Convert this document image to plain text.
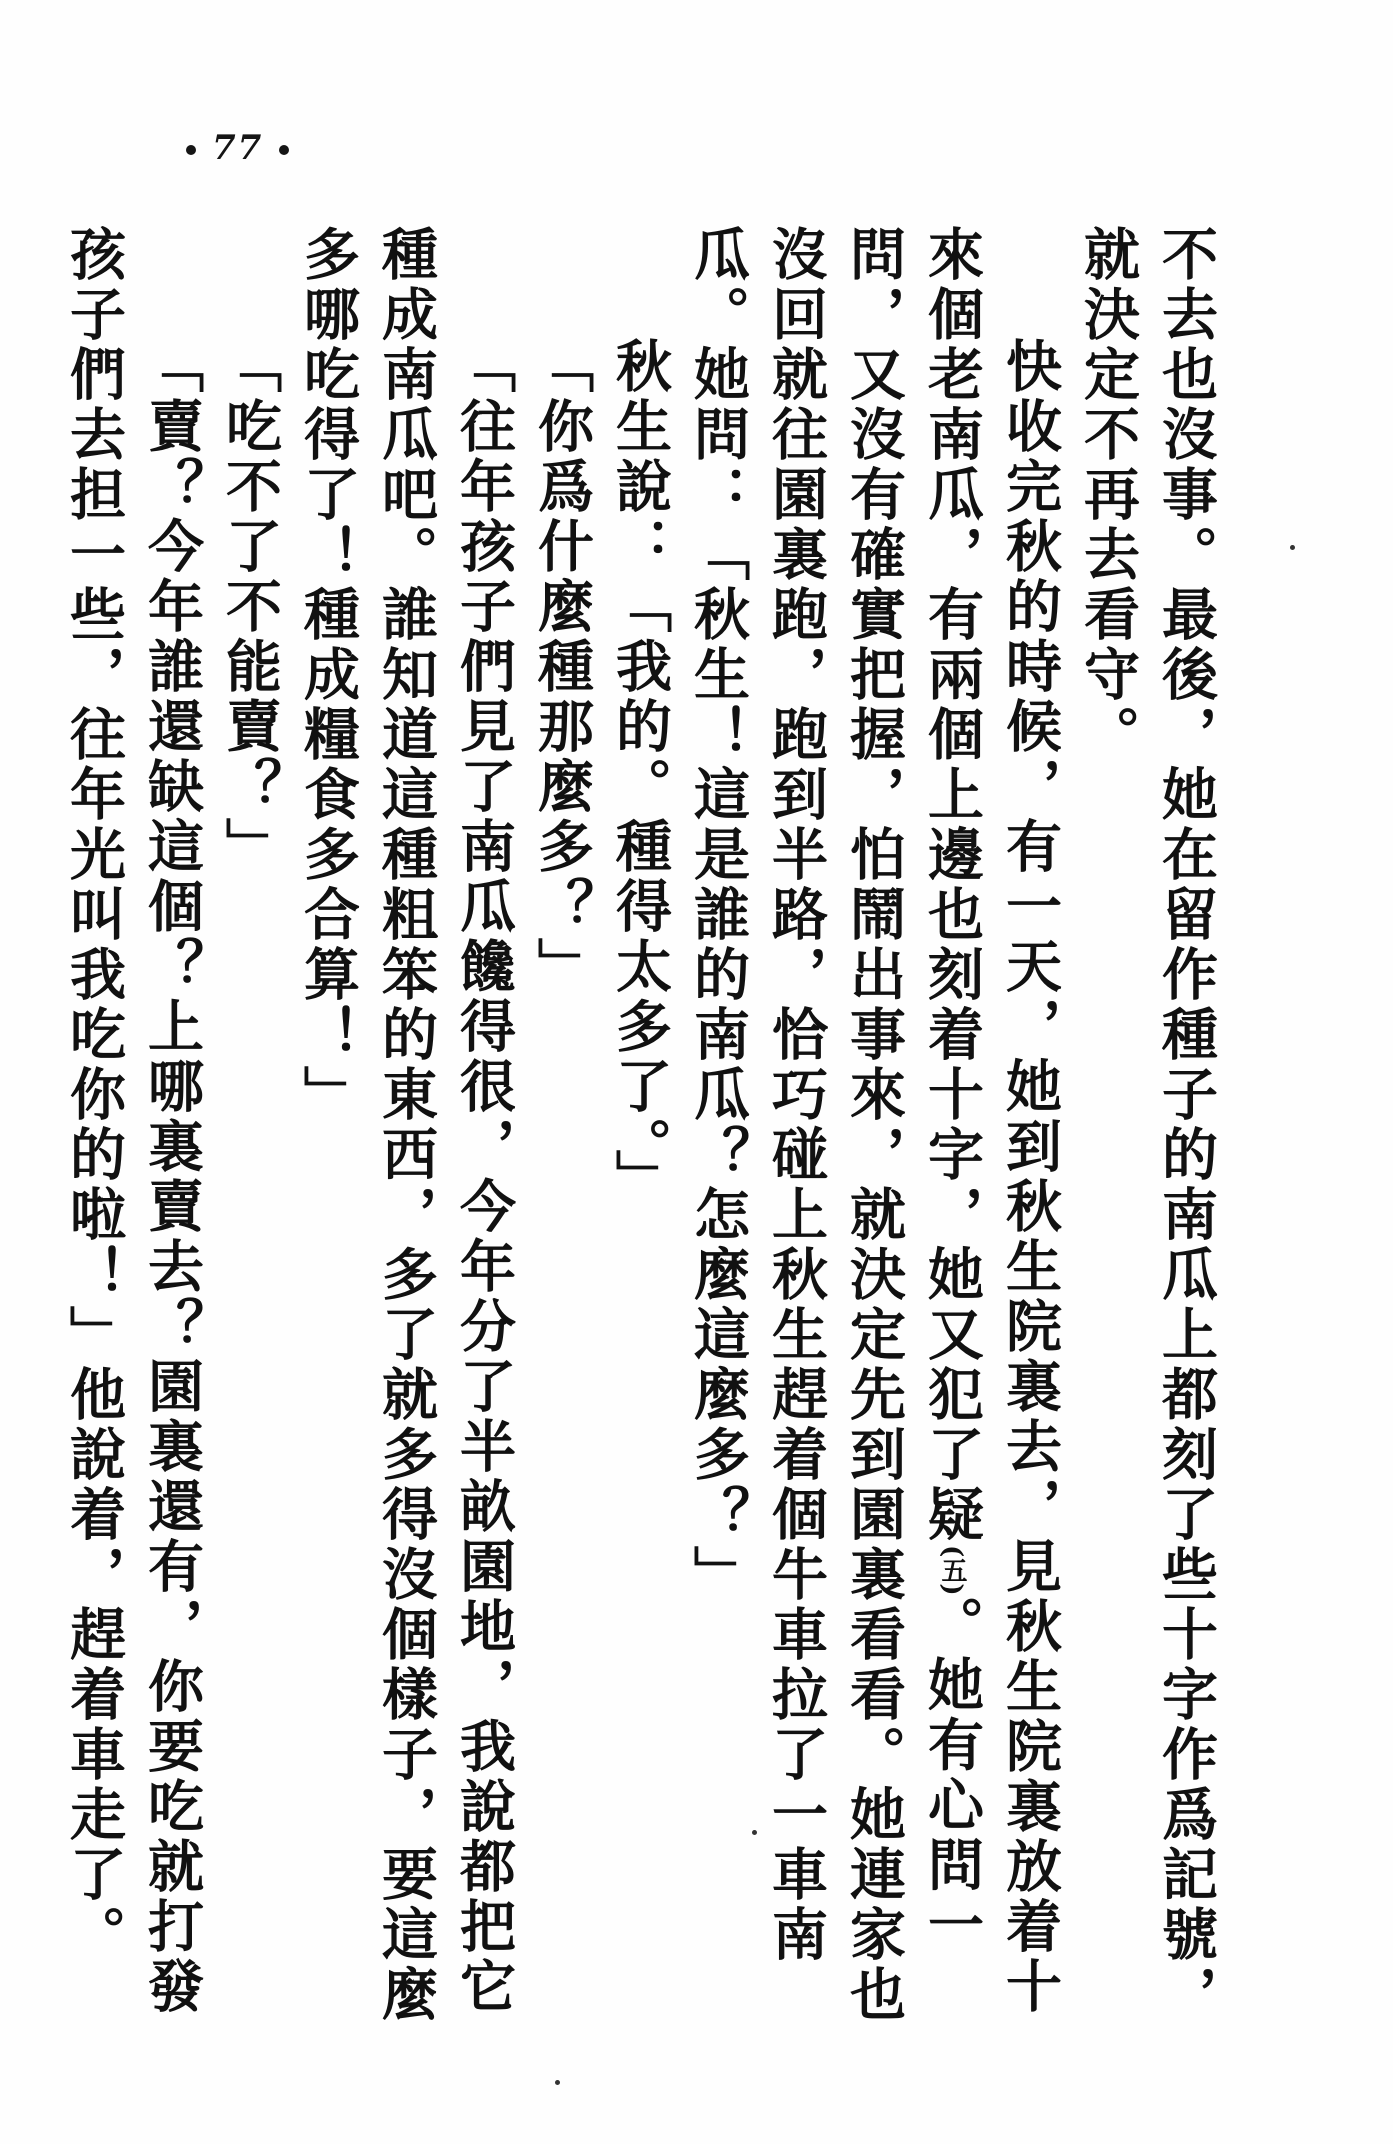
77

不去也沒事。最後，她在留作種子的南瓜上都刻了些十字作爲記號，就決定不再去看守。

快收完秋的時候，有一天，她到秋生院裏去，見秋生院裏放着十來個老南瓜，有兩個上邊也刻着十字，她又犯了疑(五)。她有心問一問，又沒有確實把握，怕鬧出事來，就決定先到園裏看看。她連家也沒回就往園裏跑，跑到半路，恰巧碰上秋生趕着個牛車拉了一車南瓜。她問：「秋生！這是誰的南瓜？怎麼這麼多？」

秋生說：「我的。種得太多了。」

「你爲什麼種那麼多？」

「往年孩子們見了南瓜饞得很，今年分了半畝園地，我說都把它種成南瓜吧。誰知道這種粗笨的東西，多了就多得沒個樣子，要這麼多哪吃得了！種成糧食多合算！」

「吃不了不能賣？」

「賣？今年誰還缺這個？上哪裏賣去？園裏還有，你要吃就打發孩子們去担一些，往年光叫我吃你的啦！」他說着，趕着車走了。
